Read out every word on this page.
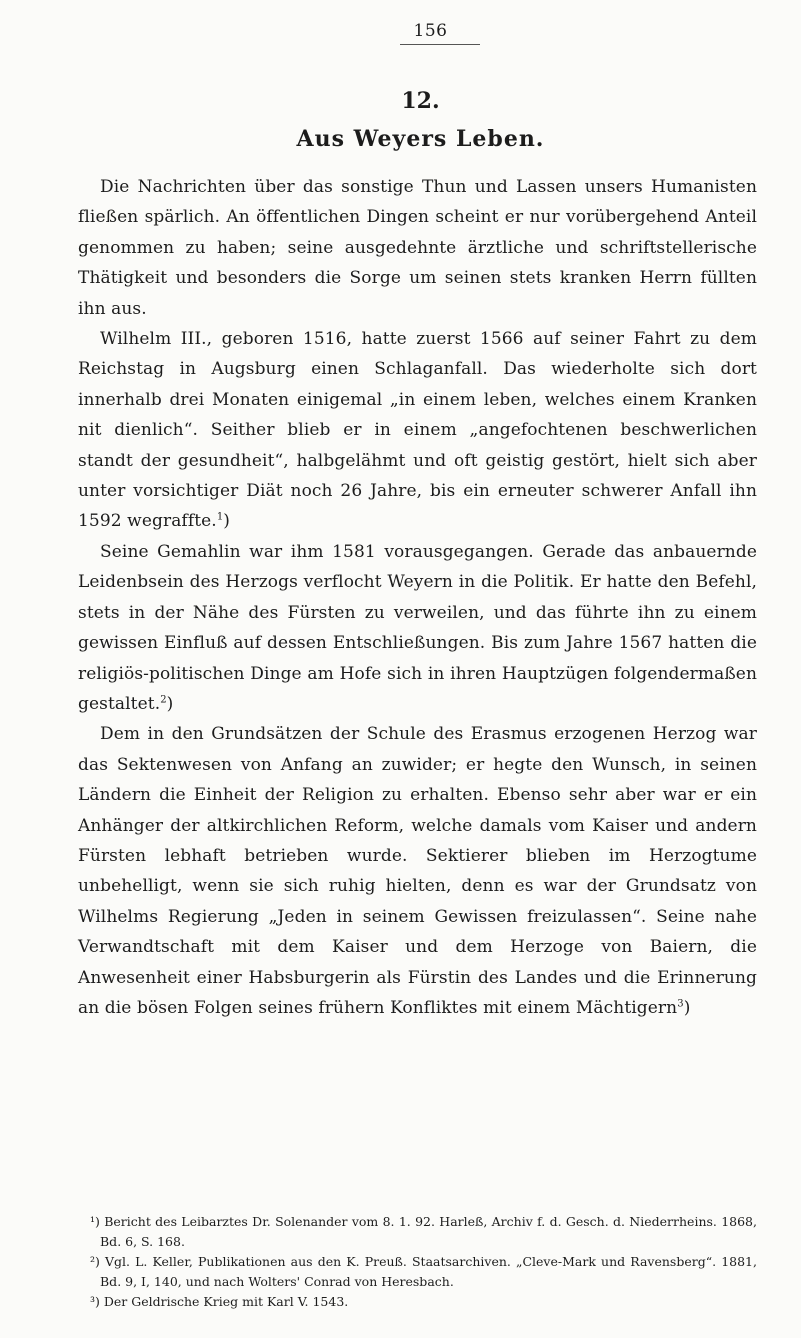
156
12.
Aus Weyers Leben.

Die Nachrichten über das sonstige Thun und Lassen unsers Humanisten fließen spärlich. An öffentlichen Dingen scheint er nur vorübergehend Anteil genommen zu haben; seine ausgedehnte ärztliche und schriftstellerische Thätigkeit und besonders die Sorge um seinen stets kranken Herrn füllten ihn aus.

Wilhelm III., geboren 1516, hatte zuerst 1566 auf seiner Fahrt zu dem Reichstag in Augsburg einen Schlaganfall. Das wiederholte sich dort innerhalb drei Monaten einigemal „in einem leben, welches einem Kranken nit dienlich“. Seither blieb er in einem „angefochtenen beschwerlichen standt der gesundheit“, halbgelähmt und oft geistig gestört, hielt sich aber unter vorsichtiger Diät noch 26 Jahre, bis ein erneuter schwerer Anfall ihn 1592 wegraffte.$^1$)

Seine Gemahlin war ihm 1581 vorausgegangen. Gerade das anbauernde Leidenbsein des Herzogs verflocht Weyern in die Politik. Er hatte den Befehl, stets in der Nähe des Fürsten zu verweilen, und das führte ihn zu einem gewissen Einfluß auf dessen Entschließungen. Bis zum Jahre 1567 hatten die religiös-politischen Dinge am Hofe sich in ihren Hauptzügen folgendermaßen gestaltet.$^2$)

Dem in den Grundsätzen der Schule des Erasmus erzogenen Herzog war das Sektenwesen von Anfang an zuwider; er hegte den Wunsch, in seinen Ländern die Einheit der Religion zu erhalten. Ebenso sehr aber war er ein Anhänger der altkirchlichen Reform, welche damals vom Kaiser und andern Fürsten lebhaft betrieben wurde. Sektierer blieben im Herzogtume unbehelligt, wenn sie sich ruhig hielten, denn es war der Grundsatz von Wilhelms Regierung „Jeden in seinem Gewissen freizulassen“. Seine nahe Verwandtschaft mit dem Kaiser und dem Herzoge von Baiern, die Anwesenheit einer Habsburgerin als Fürstin des Landes und die Erinnerung an die bösen Folgen seines frühern Konfliktes mit einem Mächtigern$^3$)

¹) Bericht des Leibarztes Dr. Solenander vom 8. 1. 92. Harleß, Archiv f. d. Gesch. d. Niederrheins. 1868, Bd. 6, S. 168.

²) Vgl. L. Keller, Publikationen aus den K. Preuß. Staatsarchiven. „Cleve-Mark und Ravensberg“. 1881, Bd. 9, I, 140, und nach Wolters' Conrad von Heresbach.

³) Der Geldrische Krieg mit Karl V. 1543.
